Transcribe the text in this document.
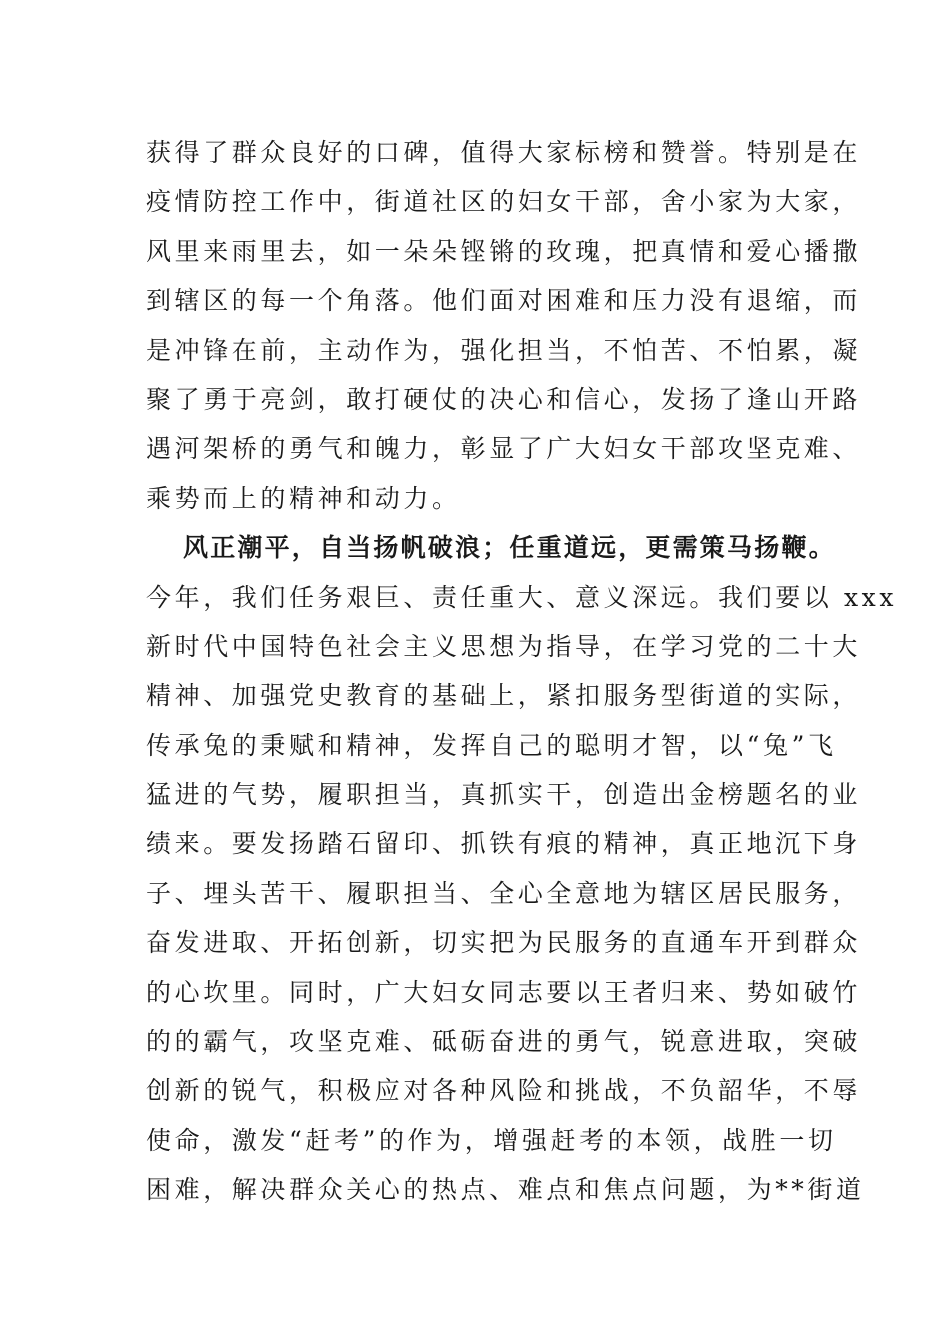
获得了群众良好的口碑，值得大家标榜和赞誉。特别是在
疫情防控工作中，街道社区的妇女干部，舍小家为大家，
风里来雨里去，如一朵朵铿锵的玫瑰，把真情和爱心播撒
到辖区的每一个角落。他们面对困难和压力没有退缩，而
是冲锋在前，主动作为，强化担当，不怕苦、不怕累，凝
聚了勇于亮剑，敢打硬仗的决心和信心，发扬了逢山开路
遇河架桥的勇气和魄力，彰显了广大妇女干部攻坚克难、
乘势而上的精神和动力。
风正潮平，自当扬帆破浪；任重道远，更需策马扬鞭。
今年，我们任务艰巨、责任重大、意义深远。我们要以 xxx
新时代中国特色社会主义思想为指导，在学习党的二十大
精神、加强党史教育的基础上，紧扣服务型街道的实际，
传承兔的秉赋和精神，发挥自己的聪明才智，以“兔”飞
猛进的气势，履职担当，真抓实干，创造出金榜题名的业
绩来。要发扬踏石留印、抓铁有痕的精神，真正地沉下身
子、埋头苦干、履职担当、全心全意地为辖区居民服务，
奋发进取、开拓创新，切实把为民服务的直通车开到群众
的心坎里。同时，广大妇女同志要以王者归来、势如破竹
的的霸气，攻坚克难、砥砺奋进的勇气，锐意进取，突破
创新的锐气，积极应对各种风险和挑战，不负韶华，不辱
使命，激发“赶考”的作为，增强赶考的本领，战胜一切
困难，解决群众关心的热点、难点和焦点问题，为**街道
